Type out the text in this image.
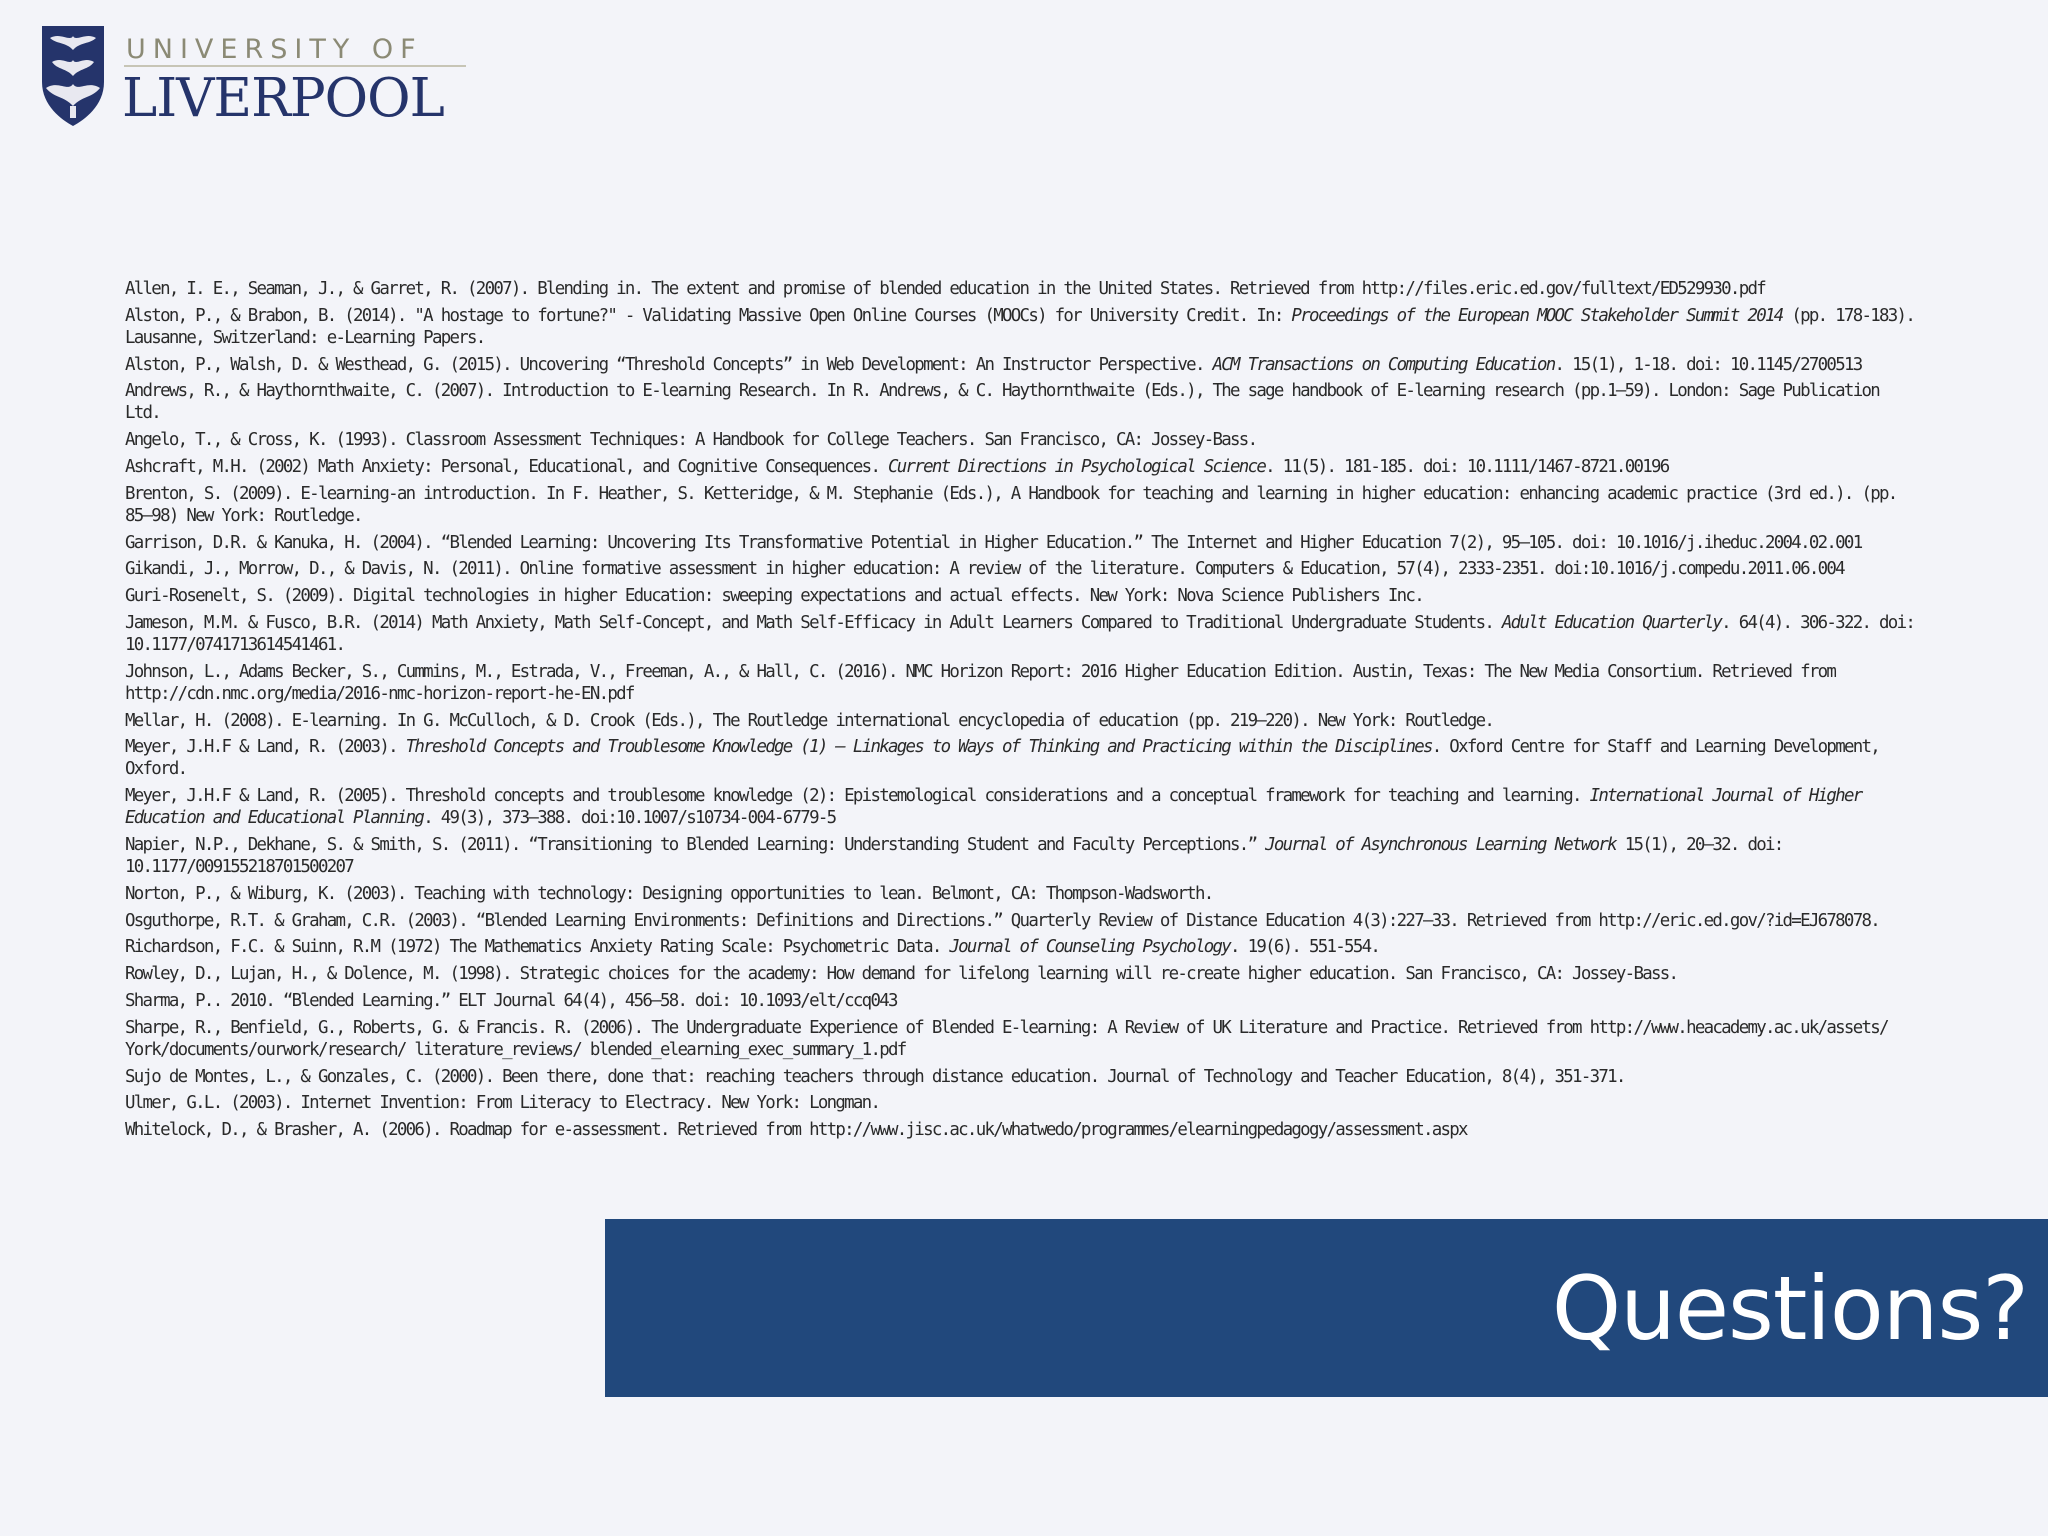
UNIVERSITY OF
LIVERPOOL
Allen, I. E., Seaman, J., & Garret, R. (2007). Blending in. The extent and promise of blended education in the United States. Retrieved from http://files.eric.ed.gov/fulltext/ED529930.pdf
Alston, P., & Brabon, B. (2014). "A hostage to fortune?" - Validating Massive Open Online Courses (MOOCs) for University Credit. In: Proceedings of the European MOOC Stakeholder Summit 2014 (pp. 178-183). Lausanne, Switzerland: e-Learning Papers.
Alston, P., Walsh, D. & Westhead, G. (2015). Uncovering “Threshold Concepts” in Web Development: An Instructor Perspective. ACM Transactions on Computing Education. 15(1), 1-18. doi: 10.1145/2700513
Andrews, R., & Haythornthwaite, C. (2007). Introduction to E-learning Research. In R. Andrews, & C. Haythornthwaite (Eds.), The sage handbook of E-learning research (pp.1–59). London: Sage Publication Ltd.
Angelo, T., & Cross, K. (1993). Classroom Assessment Techniques: A Handbook for College Teachers. San Francisco, CA: Jossey-Bass.
Ashcraft, M.H. (2002) Math Anxiety: Personal, Educational, and Cognitive Consequences. Current Directions in Psychological Science. 11(5). 181-185. doi: 10.1111/1467-8721.00196
Brenton, S. (2009). E-learning-an introduction. In F. Heather, S. Ketteridge, & M. Stephanie (Eds.), A Handbook for teaching and learning in higher education: enhancing academic practice (3rd ed.). (pp. 85–98) New York: Routledge.
Garrison, D.R. & Kanuka, H. (2004). “Blended Learning: Uncovering Its Transformative Potential in Higher Education.” The Internet and Higher Education 7(2), 95–105. doi: 10.1016/j.iheduc.2004.02.001
Gikandi, J., Morrow, D., & Davis, N. (2011). Online formative assessment in higher education: A review of the literature. Computers & Education, 57(4), 2333-2351. doi:10.1016/j.compedu.2011.06.004
Guri-Rosenelt, S. (2009). Digital technologies in higher Education: sweeping expectations and actual effects. New York: Nova Science Publishers Inc.
Jameson, M.M. & Fusco, B.R. (2014) Math Anxiety, Math Self-Concept, and Math Self-Efficacy in Adult Learners Compared to Traditional Undergraduate Students. Adult Education Quarterly. 64(4). 306-322. doi: 10.1177/0741713614541461.
Johnson, L., Adams Becker, S., Cummins, M., Estrada, V., Freeman, A., & Hall, C. (2016). NMC Horizon Report: 2016 Higher Education Edition. Austin, Texas: The New Media Consortium. Retrieved from http://cdn.nmc.org/media/2016-nmc-horizon-report-he-EN.pdf
Mellar, H. (2008). E-learning. In G. McCulloch, & D. Crook (Eds.), The Routledge international encyclopedia of education (pp. 219–220). New York: Routledge.
Meyer, J.H.F & Land, R. (2003). Threshold Concepts and Troublesome Knowledge (1) — Linkages to Ways of Thinking and Practicing within the Disciplines. Oxford Centre for Staff and Learning Development, Oxford.
Meyer, J.H.F & Land, R. (2005). Threshold concepts and troublesome knowledge (2): Epistemological considerations and a conceptual framework for teaching and learning. International Journal of Higher Education and Educational Planning. 49(3), 373–388. doi:10.1007/s10734-004-6779-5
Napier, N.P., Dekhane, S. & Smith, S. (2011). “Transitioning to Blended Learning: Understanding Student and Faculty Perceptions.” Journal of Asynchronous Learning Network 15(1), 20–32. doi: 10.1177/009155218701500207
Norton, P., & Wiburg, K. (2003). Teaching with technology: Designing opportunities to lean. Belmont, CA: Thompson-Wadsworth.
Osguthorpe, R.T. & Graham, C.R. (2003). “Blended Learning Environments: Definitions and Directions.” Quarterly Review of Distance Education 4(3):227–33. Retrieved from http://eric.ed.gov/?id=EJ678078.
Richardson, F.C. & Suinn, R.M (1972) The Mathematics Anxiety Rating Scale: Psychometric Data. Journal of Counseling Psychology. 19(6). 551-554.
Rowley, D., Lujan, H., & Dolence, M. (1998). Strategic choices for the academy: How demand for lifelong learning will re-create higher education. San Francisco, CA: Jossey-Bass.
Sharma, P.. 2010. “Blended Learning.” ELT Journal 64(4), 456–58. doi: 10.1093/elt/ccq043
Sharpe, R., Benfield, G., Roberts, G. & Francis. R. (2006). The Undergraduate Experience of Blended E-learning: A Review of UK Literature and Practice. Retrieved from http://www.heacademy.ac.uk/assets/ York/documents/ourwork/research/ literature_reviews/ blended_elearning_exec_summary_1.pdf
Sujo de Montes, L., & Gonzales, C. (2000). Been there, done that: reaching teachers through distance education. Journal of Technology and Teacher Education, 8(4), 351-371.
Ulmer, G.L. (2003). Internet Invention: From Literacy to Electracy. New York: Longman.
Whitelock, D., & Brasher, A. (2006). Roadmap for e-assessment. Retrieved from http://www.jisc.ac.uk/whatwedo/programmes/elearningpedagogy/assessment.aspx
Questions?
